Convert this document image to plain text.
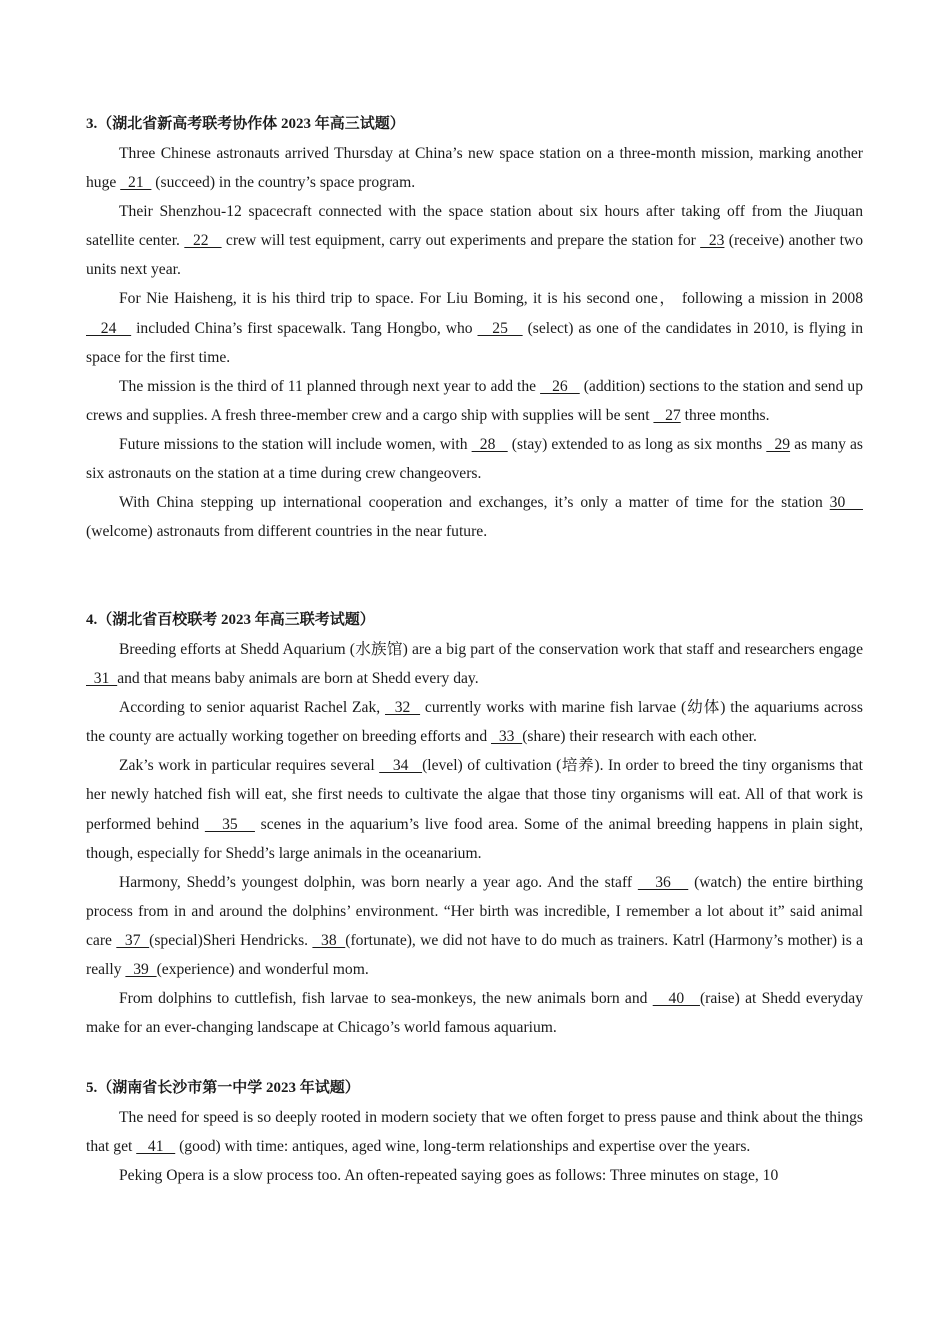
3.（湖北省新高考联考协作体 2023 年高三试题）

Three Chinese astronauts arrived Thursday at China’s new space station on a three-month mission, marking another huge   21   (succeed) in the country’s space program.

Their Shenzhou-12 spacecraft connected with the space station about six hours after taking off from the Jiuquan satellite center.   22    crew will test equipment, carry out experiments and prepare the station for   23 (receive) another two units next year.

For Nie Haisheng, it is his third trip to space. For Liu Boming, it is his second one， following a mission in 2008    24    included China’s first spacewalk. Tang Hongbo, who    25    (select) as one of the candidates in 2010, is flying in space for the first time.

The mission is the third of 11 planned through next year to add the    26    (addition) sections to the station and send up crews and supplies. A fresh three-member crew and a cargo ship with supplies will be sent    27 three months.

Future missions to the station will include women, with   28    (stay) extended to as long as six months   29 as many as six astronauts on the station at a time during crew changeovers.

With China stepping up international cooperation and exchanges, it’s only a matter of time for the station 30    (welcome) astronauts from different countries in the near future.

4.（湖北省百校联考 2023 年高三联考试题）

Breeding efforts at Shedd Aquarium (水族馆) are a big part of the conservation work that staff and researchers engage   31  and that means baby animals are born at Shedd every day.

According to senior aquarist Rachel Zak,   32   currently works with marine fish larvae (幼体) the aquariums across the county are actually working together on breeding efforts and   33  (share) their research with each other.

Zak’s work in particular requires several    34   (level) of cultivation (培养). In order to breed the tiny organisms that her newly hatched fish will eat, she first needs to cultivate the algae that those tiny organisms will eat. All of that work is performed behind    35    scenes in the aquarium’s live food area. Some of the animal breeding happens in plain sight, though, especially for Shedd’s large animals in the oceanarium.

Harmony, Shedd’s youngest dolphin, was born nearly a year ago. And the staff    36    (watch) the entire birthing process from in and around the dolphins’ environment. “Her birth was incredible, I remember a lot about it” said animal care   37  (special)Sheri Hendricks.   38  (fortunate), we did not have to do much as trainers. Katrl (Harmony’s mother) is a really   39  (experience) and wonderful mom.

From dolphins to cuttlefish, fish larvae to sea-monkeys, the new animals born and    40   (raise) at Shedd everyday make for an ever-changing landscape at Chicago’s world famous aquarium.

5.（湖南省长沙市第一中学 2023 年试题）

The need for speed is so deeply rooted in modern society that we often forget to press pause and think about the things that get    41    (good) with time: antiques, aged wine, long-term relationships and expertise over the years.

Peking Opera is a slow process too. An often-repeated saying goes as follows: Three minutes on stage, 10
